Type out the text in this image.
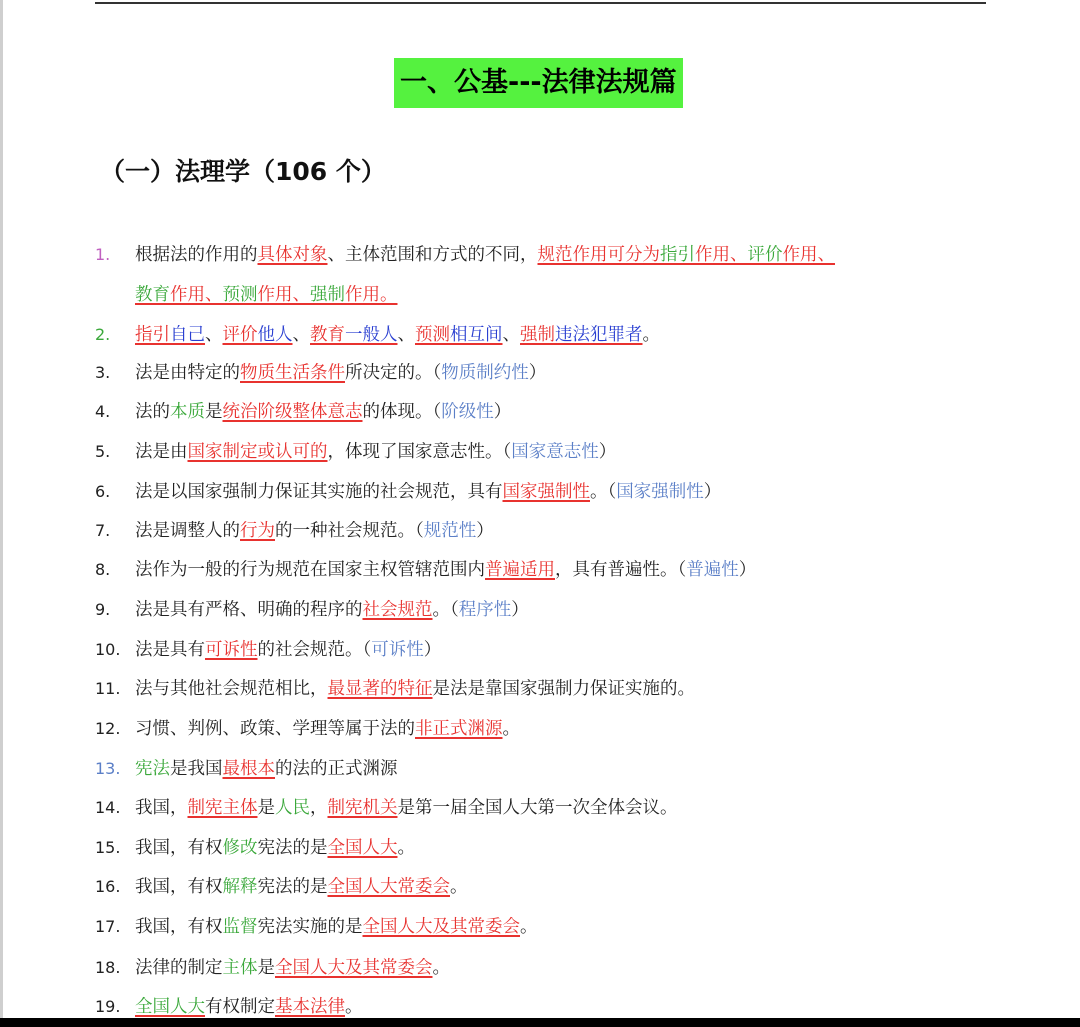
一、公基---法律法规篇
（一）法理学（106 个）
1. 根据法的作用的具体对象、主体范围和方式的不同，规范作用可分为指引作用、评价作用、
教育作用、预测作用、强制作用。
2. 指引自己、评价他人、教育一般人、预测相互间、强制违法犯罪者。
3. 法是由特定的物质生活条件所决定的。（物质制约性）
4. 法的本质是统治阶级整体意志的体现。（阶级性）
5. 法是由国家制定或认可的，体现了国家意志性。（国家意志性）
6. 法是以国家强制力保证其实施的社会规范，具有国家强制性。（国家强制性）
7. 法是调整人的行为的一种社会规范。（规范性）
8. 法作为一般的行为规范在国家主权管辖范围内普遍适用，具有普遍性。（普遍性）
9. 法是具有严格、明确的程序的社会规范。（程序性）
10. 法是具有可诉性的社会规范。（可诉性）
11. 法与其他社会规范相比，最显著的特征是法是靠国家强制力保证实施的。
12. 习惯、判例、政策、学理等属于法的非正式渊源。
13. 宪法是我国最根本的法的正式渊源
14. 我国，制宪主体是人民，制宪机关是第一届全国人大第一次全体会议。
15. 我国，有权修改宪法的是全国人大。
16. 我国，有权解释宪法的是全国人大常委会。
17. 我国，有权监督宪法实施的是全国人大及其常委会。
18. 法律的制定主体是全国人大及其常委会。
19. 全国人大有权制定基本法律。
